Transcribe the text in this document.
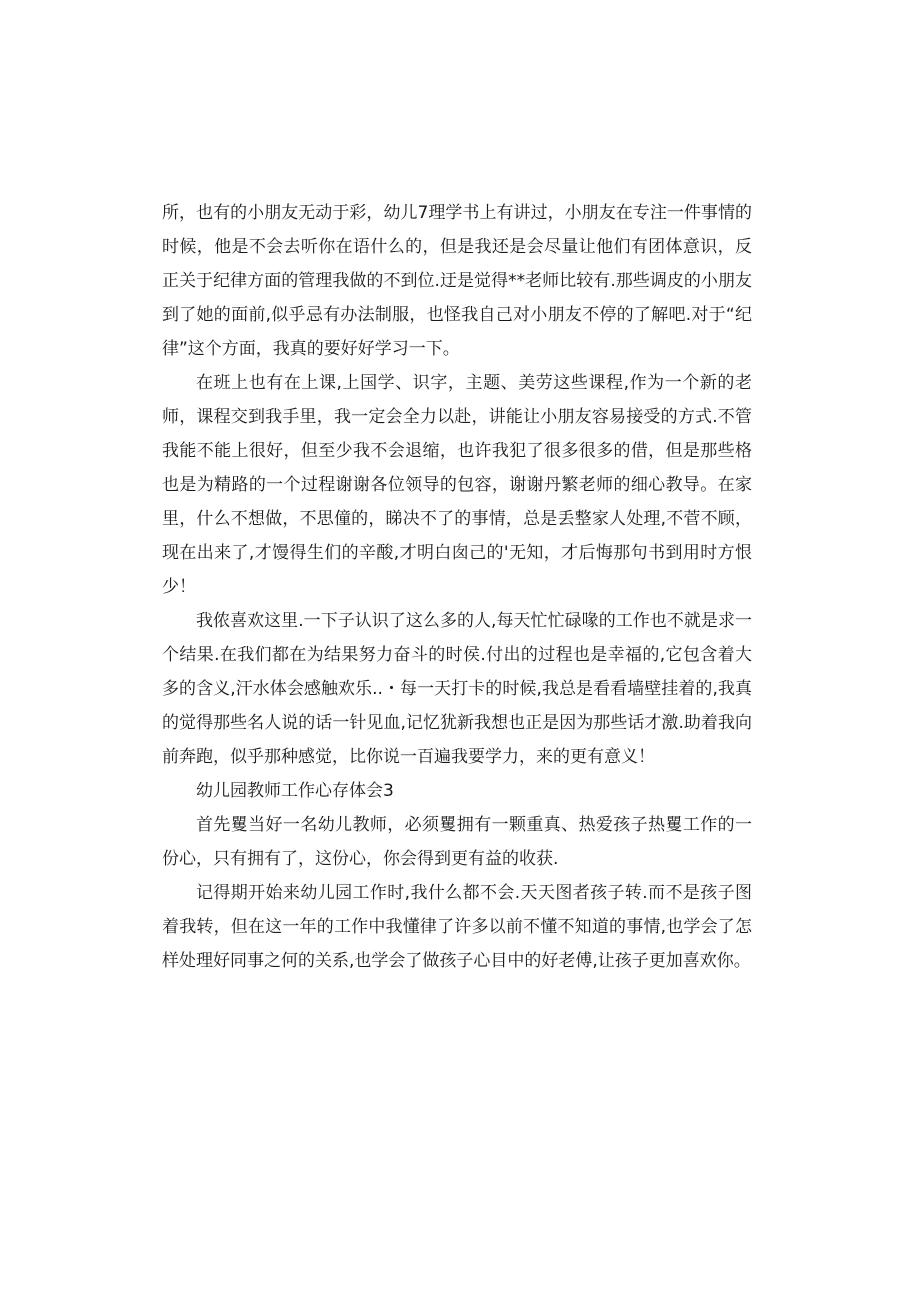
所，也有的小朋友无动于彩，幼儿7理学书上有讲过，小朋友在专注一件事情的时候，他是不会去听你在语什么的，但是我还是会尽量让他们有团体意识，反正关于纪律方面的管理我做的不到位.迂是觉得**老师比较有.那些调皮的小朋友到了她的面前,似乎忌有办法制服，也怪我自己对小朋友不停的了解吧.对于“纪律”这个方面，我真的要好好学习一下。

在班上也有在上课,上国学、识字，主题、美劳这些课程,作为一个新的老师，课程交到我手里，我一定会全力以赴，讲能让小朋友容易接受的方式.不管我能不能上很好，但至少我不会退缩，也许我犯了很多很多的借，但是那些格也是为精路的一个过程谢谢各位领导的包容，谢谢丹繁老师的细心教导。在家里，什么不想做，不思僮的，睇决不了的事情，总是丢整家人处理,不菅不顾，现在出来了,才馒得生们的辛酸,才明白囱己的'无知，才后悔那句书到用时方恨少！

我侬喜欢这里.一下子认识了这么多的人,每天忙忙碌喙的工作也不就是求一个结果.在我们都在为结果努力奋斗的时侯.付出的过程也是幸福的,它包含着大多的含义,汗水体会感触欢乐..・每一天打卡的时候,我总是看看墙壁挂着的,我真的觉得那些名人说的话一针见血,记忆犹新我想也正是因为那些话才激.助着我向前奔跑，似乎那种感觉，比你说一百遍我要学力，来的更有意义！

幼儿园教师工作心存体会3

首先矍当好一名幼儿教师，必须矍拥有一颗重真、热爱孩子热矍工作的一份心，只有拥有了，这份心，你会得到更有益的收获.

记得期开始来幼儿园工作时,我什么都不会.天天图者孩子转.而不是孩子图着我转，但在这一年的工作中我懂律了许多以前不懂不知道的事情,也学会了怎样处理好同事之何的关系,也学会了做孩子心目中的好老傅,让孩子更加喜欢你。
